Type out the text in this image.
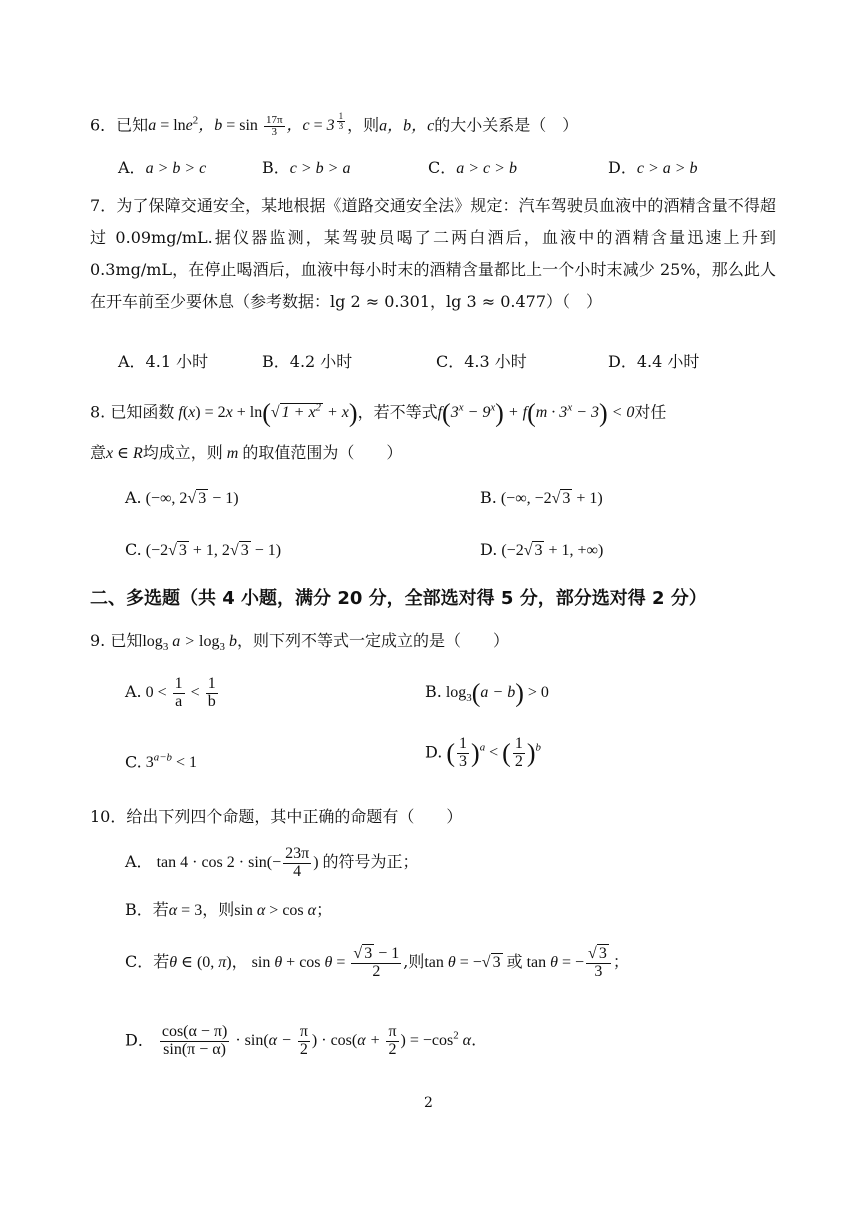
6．已知a = lne$^2$，$b = \sin \frac{17\pi}{3}$ ，c = 3 $^{\frac{1}{3}}$ ，则a，b，c的大小关系是（　）
A．a > b > c	B．c > b > a	C．a > c > b	D．c > a > b
7．为了保障交通安全，某地根据《道路交通安全法》规定：汽车驾驶员血液中的酒精含量不得超过 0.09mg/mL.据仪器监测，某驾驶员喝了二两白酒后，血液中的酒精含量迅速上升到 0.3mg/mL，在停止喝酒后，血液中每小时末的酒精含量都比上一个小时末减少 25%，那么此人在开车前至少要休息（参考数据：lg 2 ≈ 0.301，lg 3 ≈ 0.477）（　）
A．4.1 小时	B．4.2 小时	C．4.3 小时	D．4.4 小时
8. 已知函数 f(x) = 2x + ln(√ $1 + x^2 + x$)，若不等式$f(3^x - 9^x) + f(m \cdot 3^x - 3) < 0$对任
意x ∈ R均成立，则 m 的取值范围为（　　）
A. (−∞, 2√ 3 − 1)	B. (−∞, −2√ 3 + 1)
C. (−2√ 3 + 1, 2√ 3 − 1)	D. (−2√ 3 + 1, +∞)
二、多选题（共 4 小题，满分 20 分，全部选对得 5 分，部分选对得 2 分）
9. 已知$\log_3 a > \log_3 b$，则下列不等式一定成立的是（　　）
A. $0 < \frac{1}{a} < \frac{1}{b}$	B. $\log_3(a - b) > 0$
C. $3^{a-b} < 1$
D. ( $\frac{1}{3} )^a$ < ( $\frac{1}{2} )^b$
10．给出下列四个命题，其中正确的命题有（　　）
A． $\tan 4 \cdot \cos 2 \cdot \sin(- \frac{23\pi}{4}$ ) 的符号为正；
B．若α = 3，则sin α > cos α；
C．若θ ∈ (0, π)， $\sin \theta + \cos \theta = \frac{√ 3 - 1}{2}$ ,则tan θ = −√ 3 或 tan θ = − $\frac{√ 3}{3}$ ；
D． $\frac{\cos(\alpha - \pi)}{\sin(\pi - \alpha)} \cdot \sin(\alpha - \frac{\pi}{2}$ ) · $\cos(\alpha + \frac{\pi}{2}$ ) = $-\cos^2$ α.
2
